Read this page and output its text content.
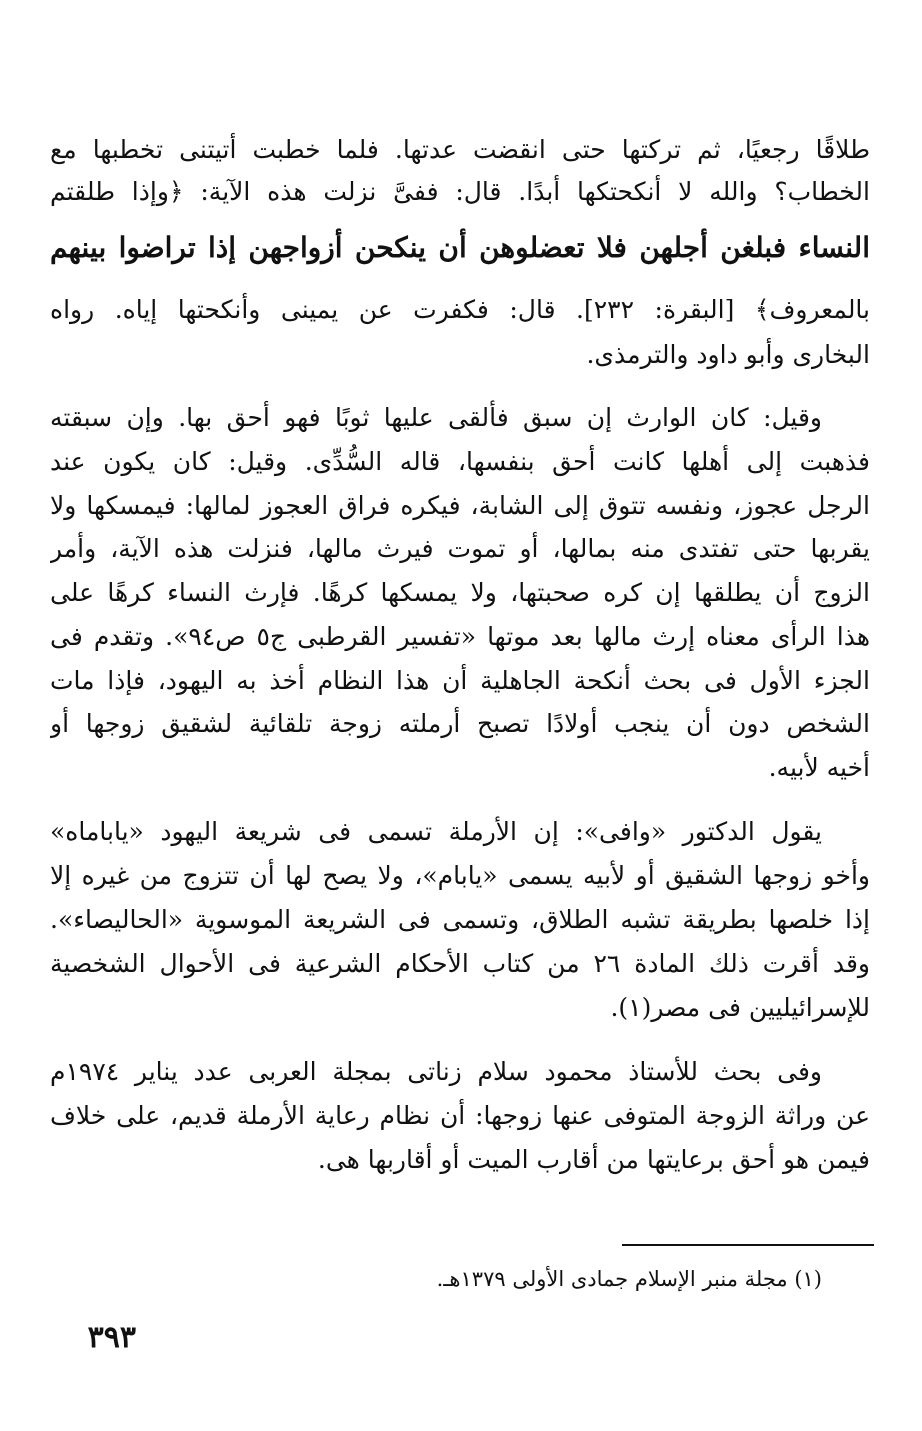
طلاقًا رجعيًا، ثم تركتها حتى انقضت عدتها. فلما خطبت أتيتنى تخطبها مع
الخطاب؟ والله لا أنكحتكها أبدًا. قال: ففىَّ نزلت هذه الآية: ﴿وإذا طلقتم
النساء فبلغن أجلهن فلا تعضلوهن أن ينكحن أزواجهن إذا تراضوا بينهم
بالمعروف﴾ [البقرة: ٢٣٢]. قال: فكفرت عن يمينى وأنكحتها إياه. رواه
البخارى وأبو داود والترمذى.
وقيل: كان الوارث إن سبق فألقى عليها ثوبًا فهو أحق بها. وإن سبقته
فذهبت إلى أهلها كانت أحق بنفسها، قاله السُّدِّى. وقيل: كان يكون عند
الرجل عجوز، ونفسه تتوق إلى الشابة، فيكره فراق العجوز لمالها: فيمسكها ولا
يقربها حتى تفتدى منه بمالها، أو تموت فيرث مالها، فنزلت هذه الآية، وأمر
الزوج أن يطلقها إن كره صحبتها، ولا يمسكها كرهًا. فإرث النساء كرهًا على
هذا الرأى معناه إرث مالها بعد موتها «تفسير القرطبى ج٥ ص٩٤». وتقدم فى
الجزء الأول فى بحث أنكحة الجاهلية أن هذا النظام أخذ به اليهود، فإذا مات
الشخص دون أن ينجب أولادًا تصبح أرملته زوجة تلقائية لشقيق زوجها أو
أخيه لأبيه.
يقول الدكتور «وافى»: إن الأرملة تسمى فى شريعة اليهود «ياباماه»
وأخو زوجها الشقيق أو لأبيه يسمى «يابام»، ولا يصح لها أن تتزوج من غيره إلا
إذا خلصها بطريقة تشبه الطلاق، وتسمى فى الشريعة الموسوية «الحاليصاء».
وقد أقرت ذلك المادة ٢٦ من كتاب الأحكام الشرعية فى الأحوال الشخصية
للإسرائيليين فى مصر(١).
وفى بحث للأستاذ محمود سلام زناتى بمجلة العربى عدد يناير ١٩٧٤م
عن وراثة الزوجة المتوفى عنها زوجها: أن نظام رعاية الأرملة قديم، على خلاف
فيمن هو أحق برعايتها من أقارب الميت أو أقاربها هى.
(١) مجلة منبر الإسلام جمادى الأولى ١٣٧٩هـ.
٣٩٣
